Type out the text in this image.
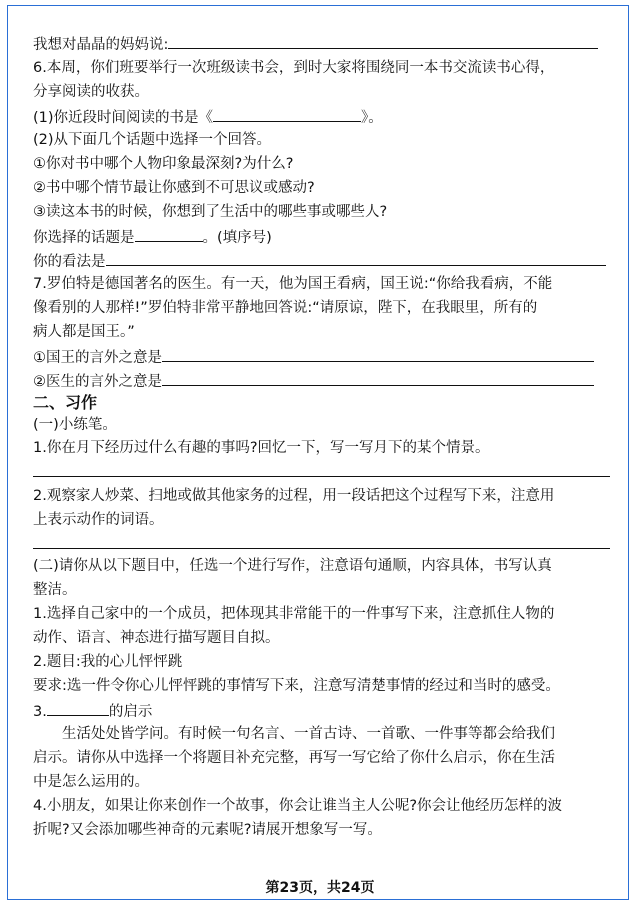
我想对晶晶的妈妈说:
6.本周，你们班要举行一次班级读书会，到时大家将围绕同一本书交流读书心得，
分享阅读的收获。
(1)你近段时间阅读的书是《	》。
(2)从下面几个话题中选择一个回答。
①你对书中哪个人物印象最深刻?为什么?
②书中哪个情节最让你感到不可思议或感动?
③读这本书的时候，你想到了生活中的哪些事或哪些人?
你选择的话题是	。(填序号)
你的看法是
7.罗伯特是德国著名的医生。有一天，他为国王看病，国王说:“你给我看病，不能
像看别的人那样!”罗伯特非常平静地回答说:“请原谅，陛下，在我眼里，所有的
病人都是国王。”
①国王的言外之意是
②医生的言外之意是
二、习作
(一)小练笔。
1.你在月下经历过什么有趣的事吗?回忆一下，写一写月下的某个情景。
2.观察家人炒菜、扫地或做其他家务的过程，用一段话把这个过程写下来，注意用
上表示动作的词语。
(二)请你从以下题目中，任选一个进行写作，注意语句通顺，内容具体，书写认真
整洁。
1.选择自己家中的一个成员，把体现其非常能干的一件事写下来，注意抓住人物的
动作、语言、神态进行描写题目自拟。
2.题目:我的心儿怦怦跳
要求:选一件令你心儿怦怦跳的事情写下来，注意写清楚事情的经过和当时的感受。
3.	的启示
生活处处皆学问。有时候一句名言、一首古诗、一首歌、一件事等都会给我们
启示。请你从中选择一个将题目补充完整，再写一写它给了你什么启示，你在生活
中是怎么运用的。
4.小朋友，如果让你来创作一个故事，你会让谁当主人公呢?你会让他经历怎样的波
折呢?又会添加哪些神奇的元素呢?请展开想象写一写。
第23页，共24页
